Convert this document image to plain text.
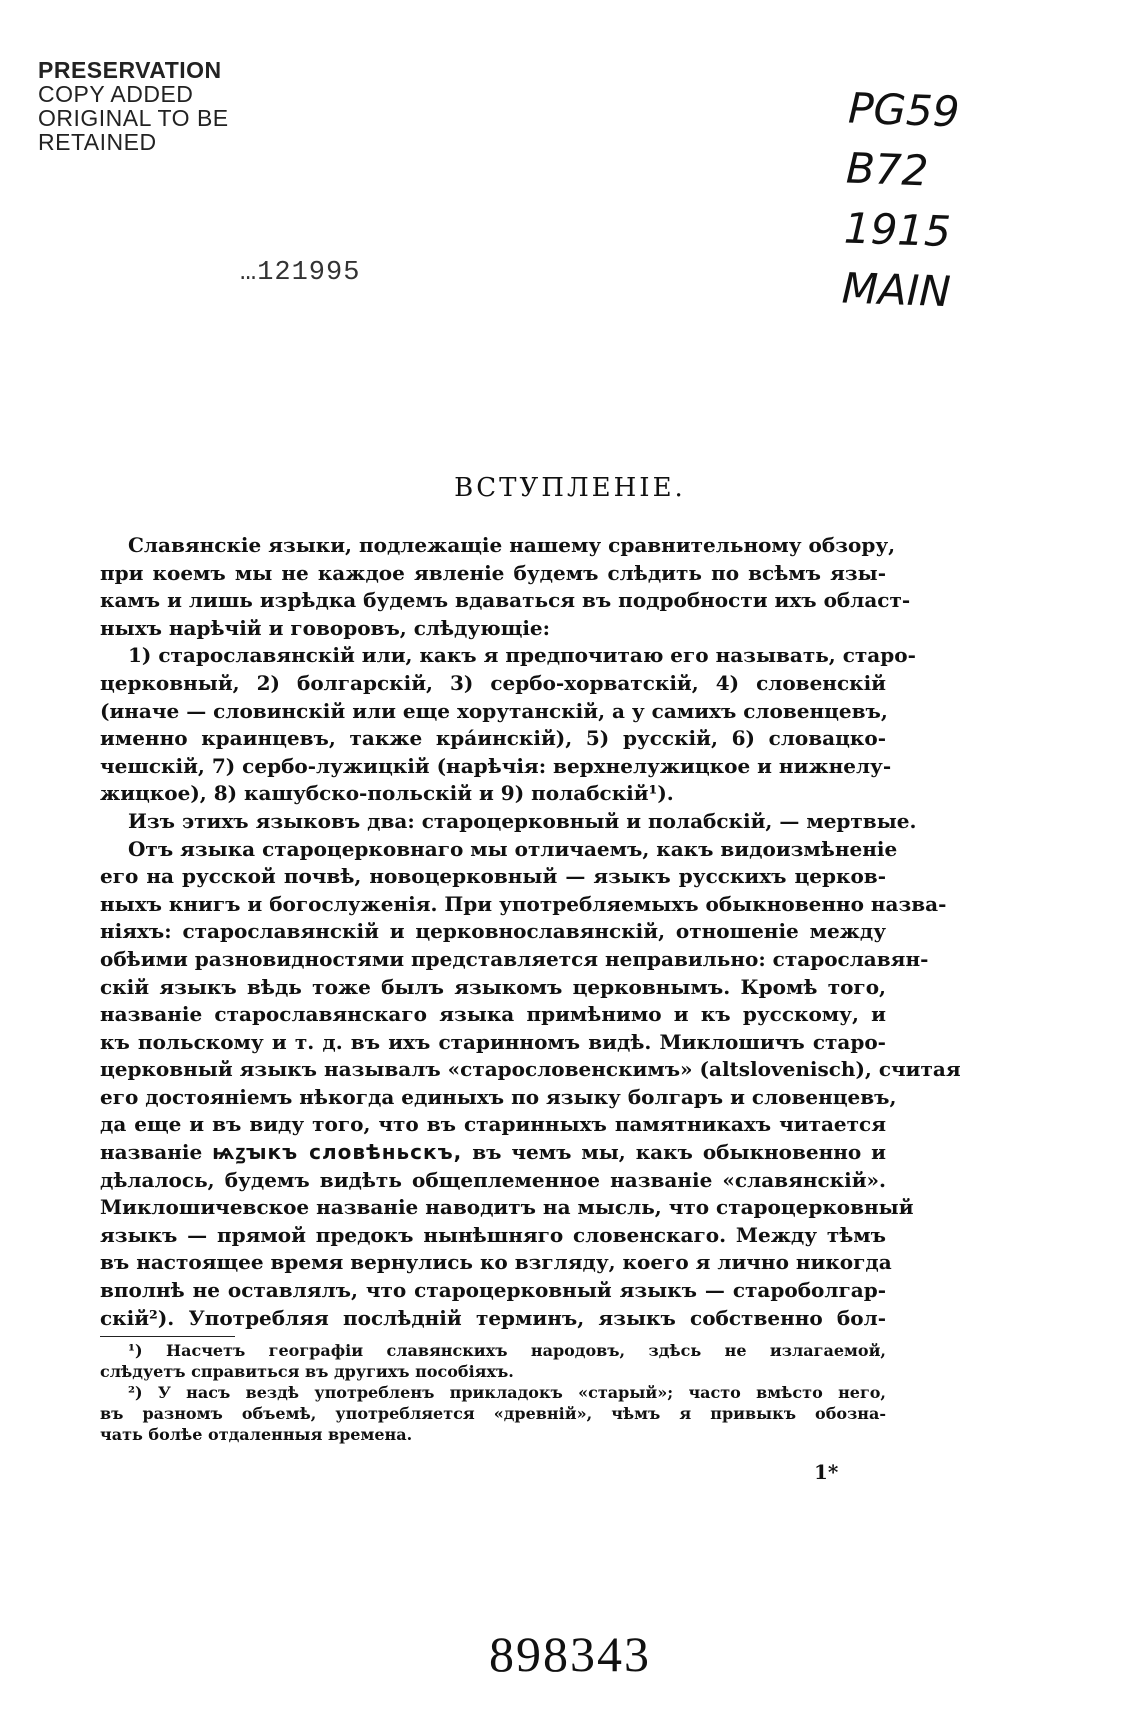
PRESERVATION
COPY ADDED
ORIGINAL TO BE
RETAINED
…121995
PG59
B72
1915
MAIN
ВСТУПЛЕНІЕ.
Славянскіе языки, подлежащіе нашему сравнительному обзору,
при коемъ мы не каждое явленіе будемъ слѣдить по всѣмъ язы-
камъ и лишь изрѣдка будемъ вдаваться въ подробности ихъ област-
ныхъ нарѣчій и говоровъ, слѣдующіе:
1) старославянскій или, какъ я предпочитаю его называть, старо-
церковный, 2) болгарскій, 3) сербо-хорватскій, 4) словенскій
(иначе — словинскій или еще хорутанскій, а у самихъ словенцевъ,
именно краинцевъ, также кра́инскій), 5) русскій, 6) словацко-
чешскій, 7) сербо-лужицкій (нарѣчія: верхнелужицкое и нижнелу-
жицкое), 8) кашубско-польскій и 9) полабскій¹).
Изъ этихъ языковъ два: староцерковный и полабскій, — мертвые.
Отъ языка староцерковнаго мы отличаемъ, какъ видоизмѣненіе
его на русской почвѣ, новоцерковный — языкъ русскихъ церков-
ныхъ книгъ и богослуженія. При употребляемыхъ обыкновенно назва-
ніяхъ: старославянскій и церковнославянскій, отношеніе между
обѣими разновидностями представляется неправильно: старославян-
скій языкъ вѣдь тоже былъ языкомъ церковнымъ. Кромѣ того,
названіе старославянскаго языка примѣнимо и къ русскому, и
къ польскому и т. д. въ ихъ старинномъ видѣ. Миклошичъ старо-
церковный языкъ называлъ «старословенскимъ» (altslovenisch), считая
его достояніемъ нѣкогда единыхъ по языку болгаръ и словенцевъ,
да еще и въ виду того, что въ старинныхъ памятникахъ читается
названіе ѩꙁꙑкъ словѣньскъ, въ чемъ мы, какъ обыкновенно и
дѣлалось, будемъ видѣть общеплеменное названіе «славянскій».
Миклошичевское названіе наводитъ на мысль, что староцерковный
языкъ — прямой предокъ нынѣшняго словенскаго. Между тѣмъ
въ настоящее время вернулись ко взгляду, коего я лично никогда
вполнѣ не оставлялъ, что староцерковный языкъ — староболгар-
скій²). Употребляя послѣдній терминъ, языкъ собственно бол-
¹) Насчетъ географіи славянскихъ народовъ, здѣсь не излагаемой,
слѣдуетъ справиться въ другихъ пособіяхъ.
²) У насъ вездѣ употребленъ прикладокъ «старый»; часто вмѣсто него,
въ разномъ объемѣ, употребляется «древній», чѣмъ я привыкъ обозна-
чать болѣе отдаленныя времена.
1*
898343
